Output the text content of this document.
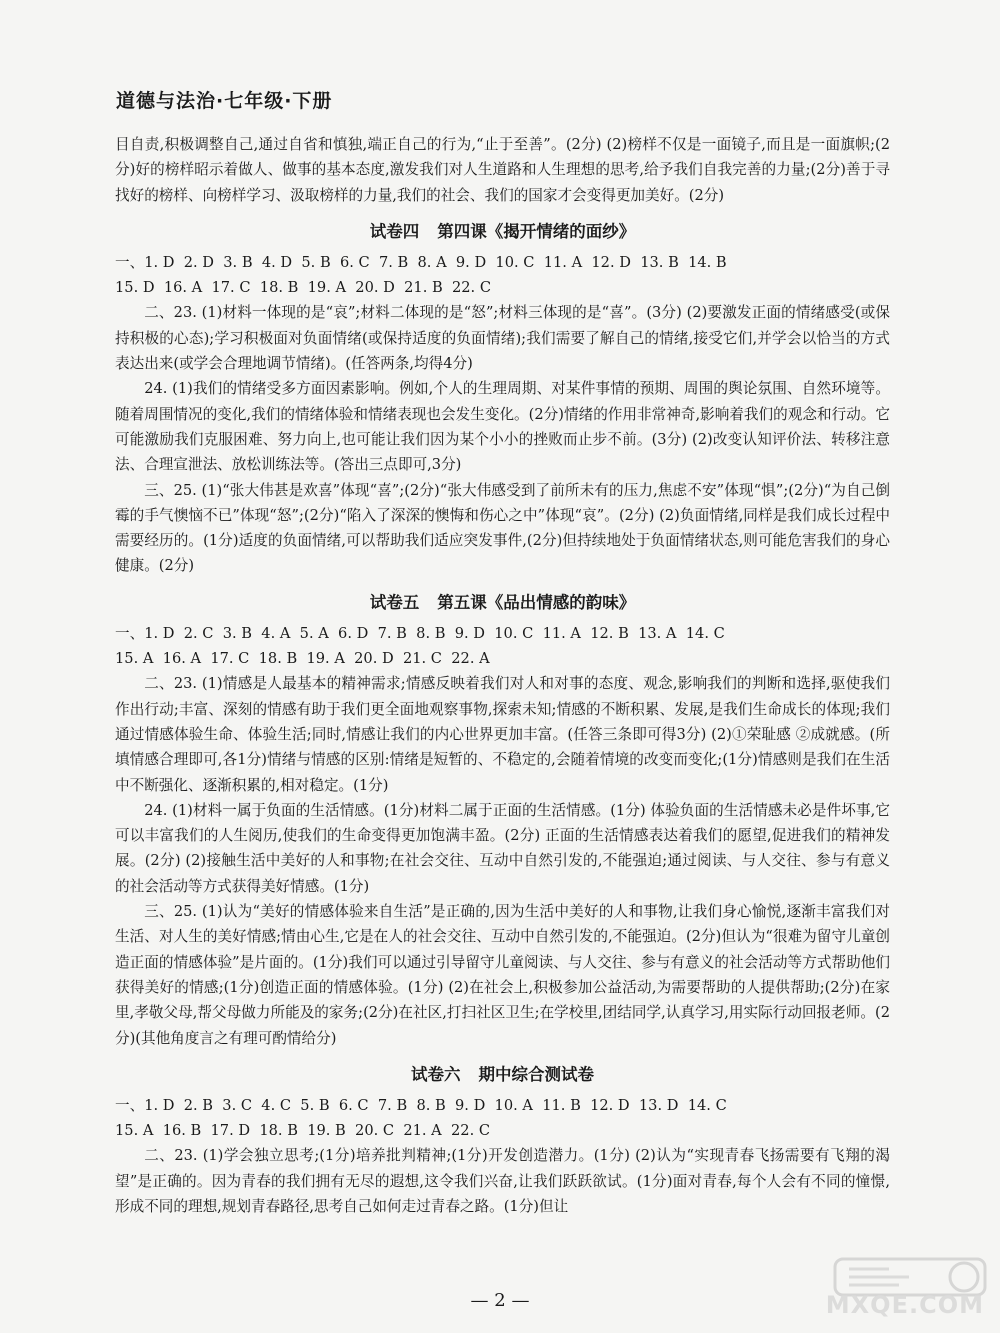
道德与法治·七年级·下册

目自责,积极调整自己,通过自省和慎独,端正自己的行为,“止于至善”。(2分) (2)榜样不仅是一面镜子,而且是一面旗帜;(2分)好的榜样昭示着做人、做事的基本态度,激发我们对人生道路和人生理想的思考,给予我们自我完善的力量;(2分)善于寻找好的榜样、向榜样学习、汲取榜样的力量,我们的社会、我们的国家才会变得更加美好。(2分)

试卷四 第四课《揭开情绪的面纱》

一、1. D  2. D  3. B  4. D  5. B  6. C  7. B  8. A  9. D  10. C  11. A  12. D  13. B  14. B

15. D  16. A  17. C  18. B  19. A  20. D  21. B  22. C

二、23. (1)材料一体现的是“哀”;材料二体现的是“怒”;材料三体现的是“喜”。(3分) (2)要激发正面的情绪感受(或保持积极的心态);学习积极面对负面情绪(或保持适度的负面情绪);我们需要了解自己的情绪,接受它们,并学会以恰当的方式表达出来(或学会合理地调节情绪)。(任答两条,均得4分)

24. (1)我们的情绪受多方面因素影响。例如,个人的生理周期、对某件事情的预期、周围的舆论氛围、自然环境等。随着周围情况的变化,我们的情绪体验和情绪表现也会发生变化。(2分)情绪的作用非常神奇,影响着我们的观念和行动。它可能激励我们克服困难、努力向上,也可能让我们因为某个小小的挫败而止步不前。(3分) (2)改变认知评价法、转移注意法、合理宣泄法、放松训练法等。(答出三点即可,3分)

三、25. (1)“张大伟甚是欢喜”体现“喜”;(2分)“张大伟感受到了前所未有的压力,焦虑不安”体现“惧”;(2分)“为自己倒霉的手气懊恼不已”体现“怒”;(2分)“陷入了深深的懊悔和伤心之中”体现“哀”。(2分) (2)负面情绪,同样是我们成长过程中需要经历的。(1分)适度的负面情绪,可以帮助我们适应突发事件,(2分)但持续地处于负面情绪状态,则可能危害我们的身心健康。(2分)

试卷五 第五课《品出情感的韵味》

一、1. D  2. C  3. B  4. A  5. A  6. D  7. B  8. B  9. D  10. C  11. A  12. B  13. A  14. C

15. A  16. A  17. C  18. B  19. A  20. D  21. C  22. A

二、23. (1)情感是人最基本的精神需求;情感反映着我们对人和对事的态度、观念,影响我们的判断和选择,驱使我们作出行动;丰富、深刻的情感有助于我们更全面地观察事物,探索未知;情感的不断积累、发展,是我们生命成长的体现;我们通过情感体验生命、体验生活;同时,情感让我们的内心世界更加丰富。(任答三条即可得3分) (2)①荣耻感 ②成就感。(所填情感合理即可,各1分)情绪与情感的区别:情绪是短暂的、不稳定的,会随着情境的改变而变化;(1分)情感则是我们在生活中不断强化、逐渐积累的,相对稳定。(1分)

24. (1)材料一属于负面的生活情感。(1分)材料二属于正面的生活情感。(1分) 体验负面的生活情感未必是件坏事,它可以丰富我们的人生阅历,使我们的生命变得更加饱满丰盈。(2分) 正面的生活情感表达着我们的愿望,促进我们的精神发展。(2分) (2)接触生活中美好的人和事物;在社会交往、互动中自然引发的,不能强迫;通过阅读、与人交往、参与有意义的社会活动等方式获得美好情感。(1分)

三、25. (1)认为“美好的情感体验来自生活”是正确的,因为生活中美好的人和事物,让我们身心愉悦,逐渐丰富我们对生活、对人生的美好情感;情由心生,它是在人的社会交往、互动中自然引发的,不能强迫。(2分)但认为“很难为留守儿童创造正面的情感体验”是片面的。(1分)我们可以通过引导留守儿童阅读、与人交往、参与有意义的社会活动等方式帮助他们获得美好的情感;(1分)创造正面的情感体验。(1分) (2)在社会上,积极参加公益活动,为需要帮助的人提供帮助;(2分)在家里,孝敬父母,帮父母做力所能及的家务;(2分)在社区,打扫社区卫生;在学校里,团结同学,认真学习,用实际行动回报老师。(2分)(其他角度言之有理可酌情给分)

试卷六 期中综合测试卷

一、1. D  2. B  3. C  4. C  5. B  6. C  7. B  8. B  9. D  10. A  11. B  12. D  13. D  14. C

15. A  16. B  17. D  18. B  19. B  20. C  21. A  22. C

二、23. (1)学会独立思考;(1分)培养批判精神;(1分)开发创造潜力。(1分) (2)认为“实现青春飞扬需要有飞翔的渴望”是正确的。因为青春的我们拥有无尽的遐想,这令我们兴奋,让我们跃跃欲试。(1分)面对青春,每个人会有不同的憧憬,形成不同的理想,规划青春路径,思考自己如何走过青春之路。(1分)但让

— 2 —	MXQE.COM
